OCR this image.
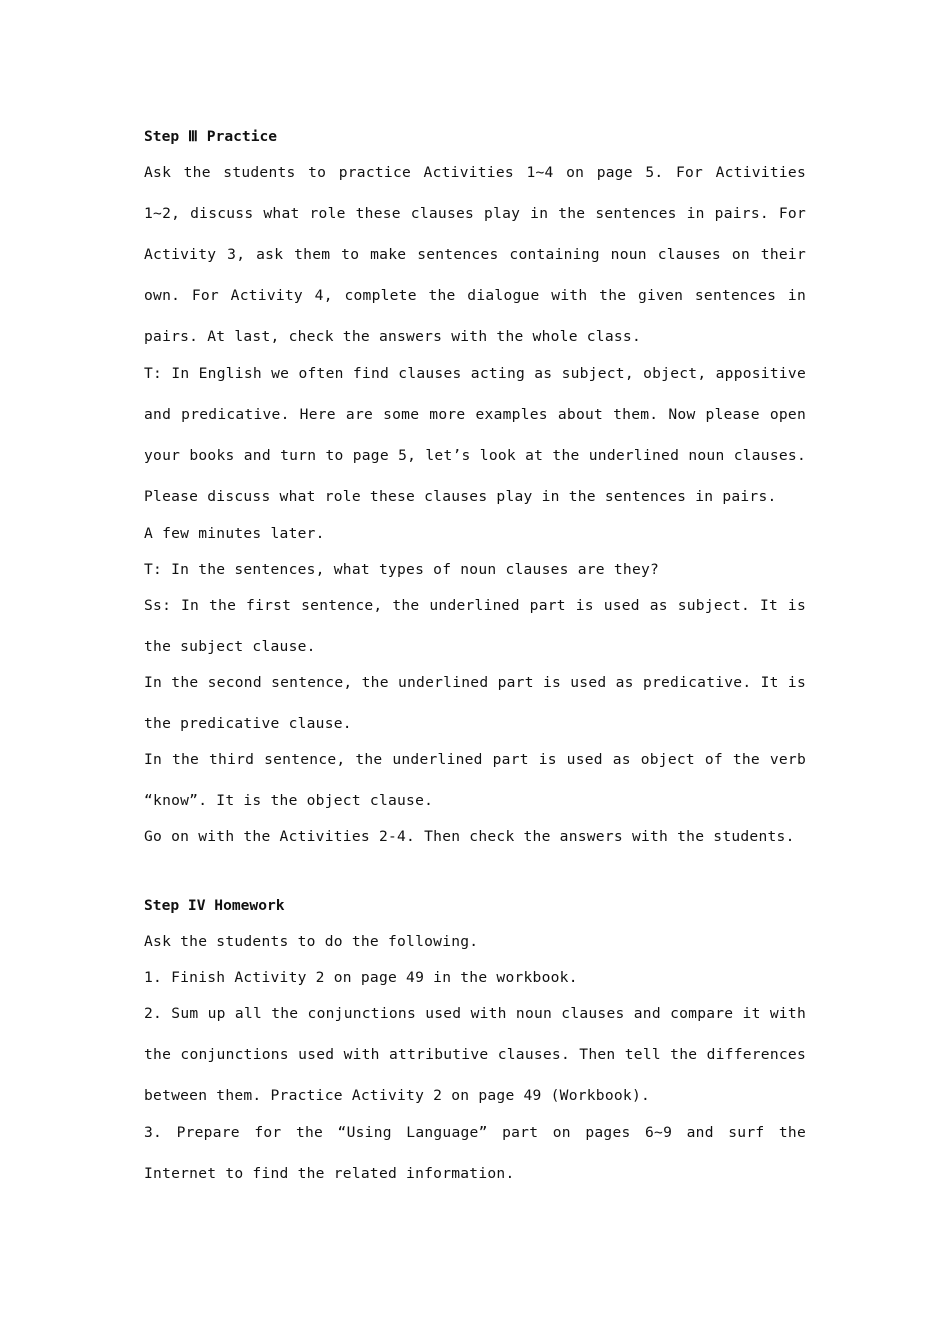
Step Ⅲ Practice

Ask the students to practice Activities 1~4 on page 5. For Activities 1~2, discuss what role these clauses play in the sentences in pairs. For Activity 3, ask them to make sentences containing noun clauses on their own. For Activity 4, complete the dialogue with the given sentences in pairs. At last, check the answers with the whole class.

T: In English we often find clauses acting as subject, object, appositive and predicative. Here are some more examples about them. Now please open your books and turn to page 5, let’s look at the underlined noun clauses. Please discuss what role these clauses play in the sentences in pairs.

A few minutes later.

T: In the sentences, what types of noun clauses are they?

Ss: In the first sentence, the underlined part is used as subject. It is the subject clause.

In the second sentence, the underlined part is used as predicative. It is the predicative clause.

In the third sentence, the underlined part is used as object of the verb “know”. It is the object clause.

Go on with the Activities 2-4. Then check the answers with the students.

Step IV Homework

Ask the students to do the following.

1. Finish Activity 2 on page 49 in the workbook.

2. Sum up all the conjunctions used with noun clauses and compare it with the conjunctions used with attributive clauses. Then tell the differences between them. Practice Activity 2 on page 49 (Workbook).

3. Prepare for the “Using Language” part on pages 6~9 and surf the Internet to find the related information.
